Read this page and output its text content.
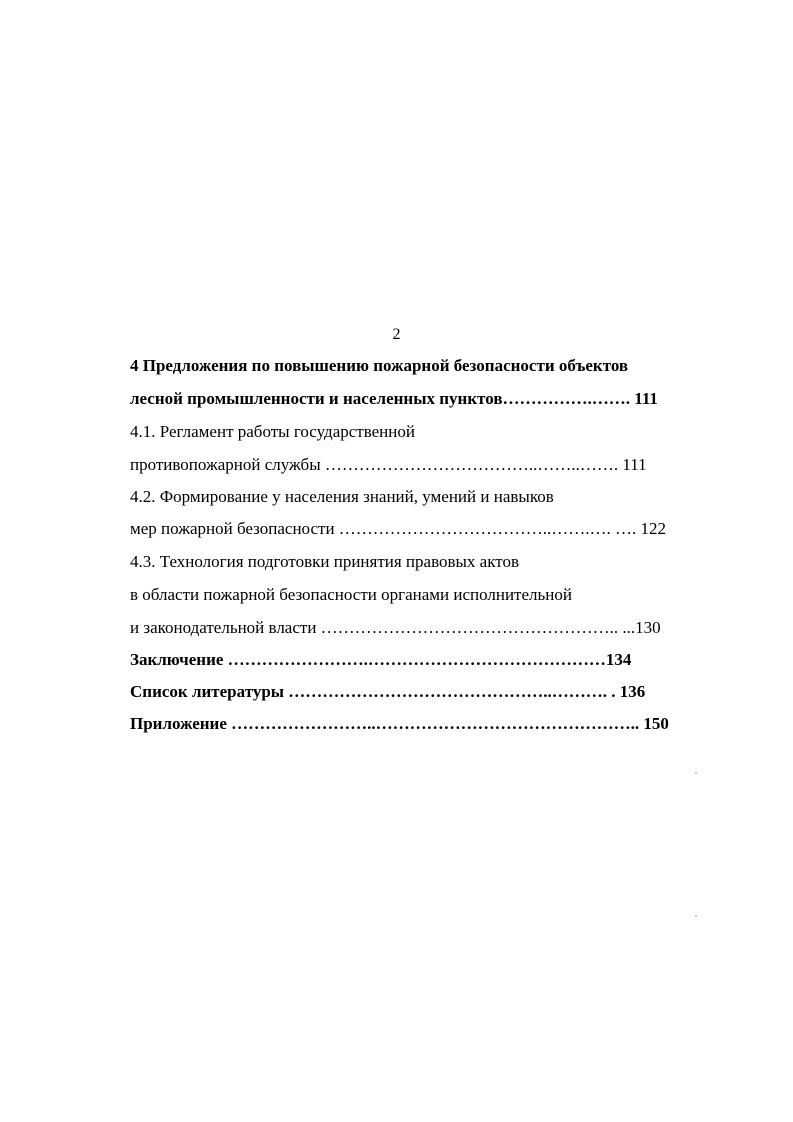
2
4 Предложения по повышению пожарной безопасности объектов
лесной промышленности и населенных пунктов…………….……. 111
4.1. Регламент работы государственной
противопожарной службы ………………………………..……..……. 111
4.2. Формирование у населения знаний, умений и навыков
мер пожарной безопасности ………………………………..…….…. …. 122
4.3. Технология подготовки принятия правовых актов
в области пожарной безопасности органами исполнительной
и законодательной власти …………………………………………….. ...130
Заключение …………………….……………………………………134
Список литературы ………………………………………..………. . 136
Приложение ……………………..……………………………………….. 150
